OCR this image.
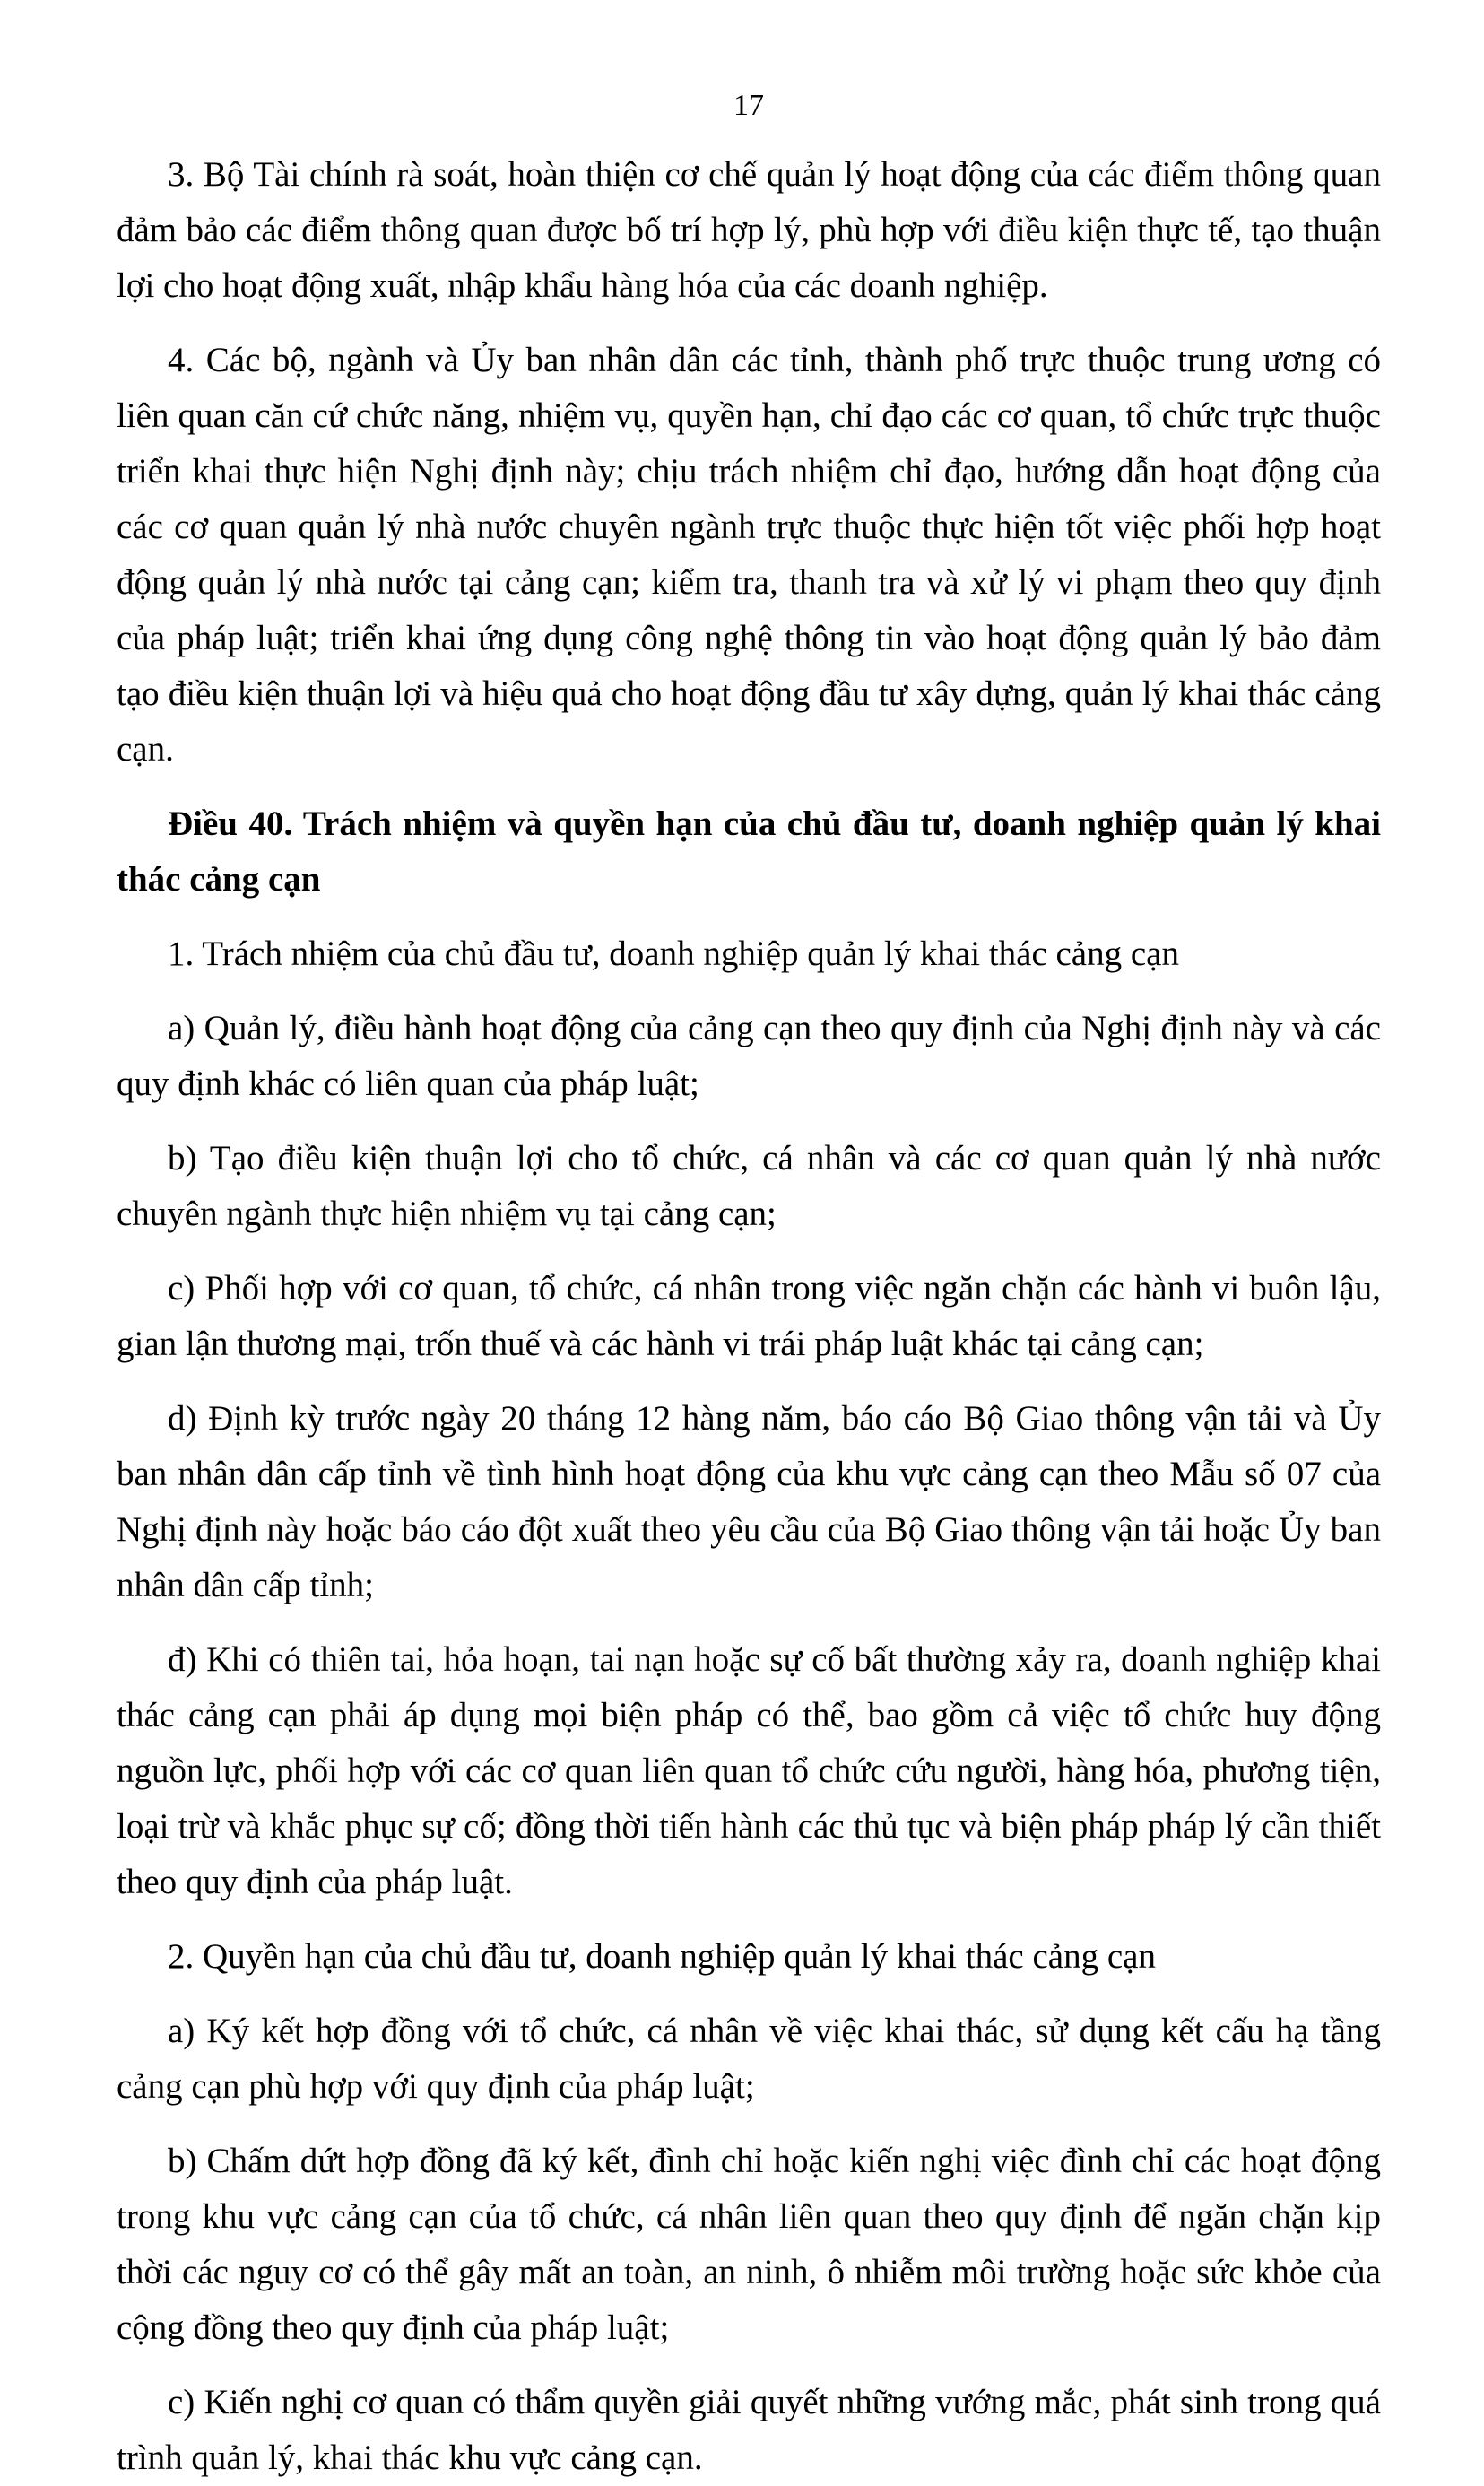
17

3. Bộ Tài chính rà soát, hoàn thiện cơ chế quản lý hoạt động của các điểm thông quan đảm bảo các điểm thông quan được bố trí hợp lý, phù hợp với điều kiện thực tế, tạo thuận lợi cho hoạt động xuất, nhập khẩu hàng hóa của các doanh nghiệp.

4. Các bộ, ngành và Ủy ban nhân dân các tỉnh, thành phố trực thuộc trung ương có liên quan căn cứ chức năng, nhiệm vụ, quyền hạn, chỉ đạo các cơ quan, tổ chức trực thuộc triển khai thực hiện Nghị định này; chịu trách nhiệm chỉ đạo, hướng dẫn hoạt động của các cơ quan quản lý nhà nước chuyên ngành trực thuộc thực hiện tốt việc phối hợp hoạt động quản lý nhà nước tại cảng cạn; kiểm tra, thanh tra và xử lý vi phạm theo quy định của pháp luật; triển khai ứng dụng công nghệ thông tin vào hoạt động quản lý bảo đảm tạo điều kiện thuận lợi và hiệu quả cho hoạt động đầu tư xây dựng, quản lý khai thác cảng cạn.

Điều 40. Trách nhiệm và quyền hạn của chủ đầu tư, doanh nghiệp quản lý khai thác cảng cạn

1. Trách nhiệm của chủ đầu tư, doanh nghiệp quản lý khai thác cảng cạn

a) Quản lý, điều hành hoạt động của cảng cạn theo quy định của Nghị định này và các quy định khác có liên quan của pháp luật;

b) Tạo điều kiện thuận lợi cho tổ chức, cá nhân và các cơ quan quản lý nhà nước chuyên ngành thực hiện nhiệm vụ tại cảng cạn;

c) Phối hợp với cơ quan, tổ chức, cá nhân trong việc ngăn chặn các hành vi buôn lậu, gian lận thương mại, trốn thuế và các hành vi trái pháp luật khác tại cảng cạn;

d) Định kỳ trước ngày 20 tháng 12 hàng năm, báo cáo Bộ Giao thông vận tải và Ủy ban nhân dân cấp tỉnh về tình hình hoạt động của khu vực cảng cạn theo Mẫu số 07 của Nghị định này hoặc báo cáo đột xuất theo yêu cầu của Bộ Giao thông vận tải hoặc Ủy ban nhân dân cấp tỉnh;

đ) Khi có thiên tai, hỏa hoạn, tai nạn hoặc sự cố bất thường xảy ra, doanh nghiệp khai thác cảng cạn phải áp dụng mọi biện pháp có thể, bao gồm cả việc tổ chức huy động nguồn lực, phối hợp với các cơ quan liên quan tổ chức cứu người, hàng hóa, phương tiện, loại trừ và khắc phục sự cố; đồng thời tiến hành các thủ tục và biện pháp pháp lý cần thiết theo quy định của pháp luật.

2. Quyền hạn của chủ đầu tư, doanh nghiệp quản lý khai thác cảng cạn

a) Ký kết hợp đồng với tổ chức, cá nhân về việc khai thác, sử dụng kết cấu hạ tầng cảng cạn phù hợp với quy định của pháp luật;

b) Chấm dứt hợp đồng đã ký kết, đình chỉ hoặc kiến nghị việc đình chỉ các hoạt động trong khu vực cảng cạn của tổ chức, cá nhân liên quan theo quy định để ngăn chặn kịp thời các nguy cơ có thể gây mất an toàn, an ninh, ô nhiễm môi trường hoặc sức khỏe của cộng đồng theo quy định của pháp luật;

c) Kiến nghị cơ quan có thẩm quyền giải quyết những vướng mắc, phát sinh trong quá trình quản lý, khai thác khu vực cảng cạn.
